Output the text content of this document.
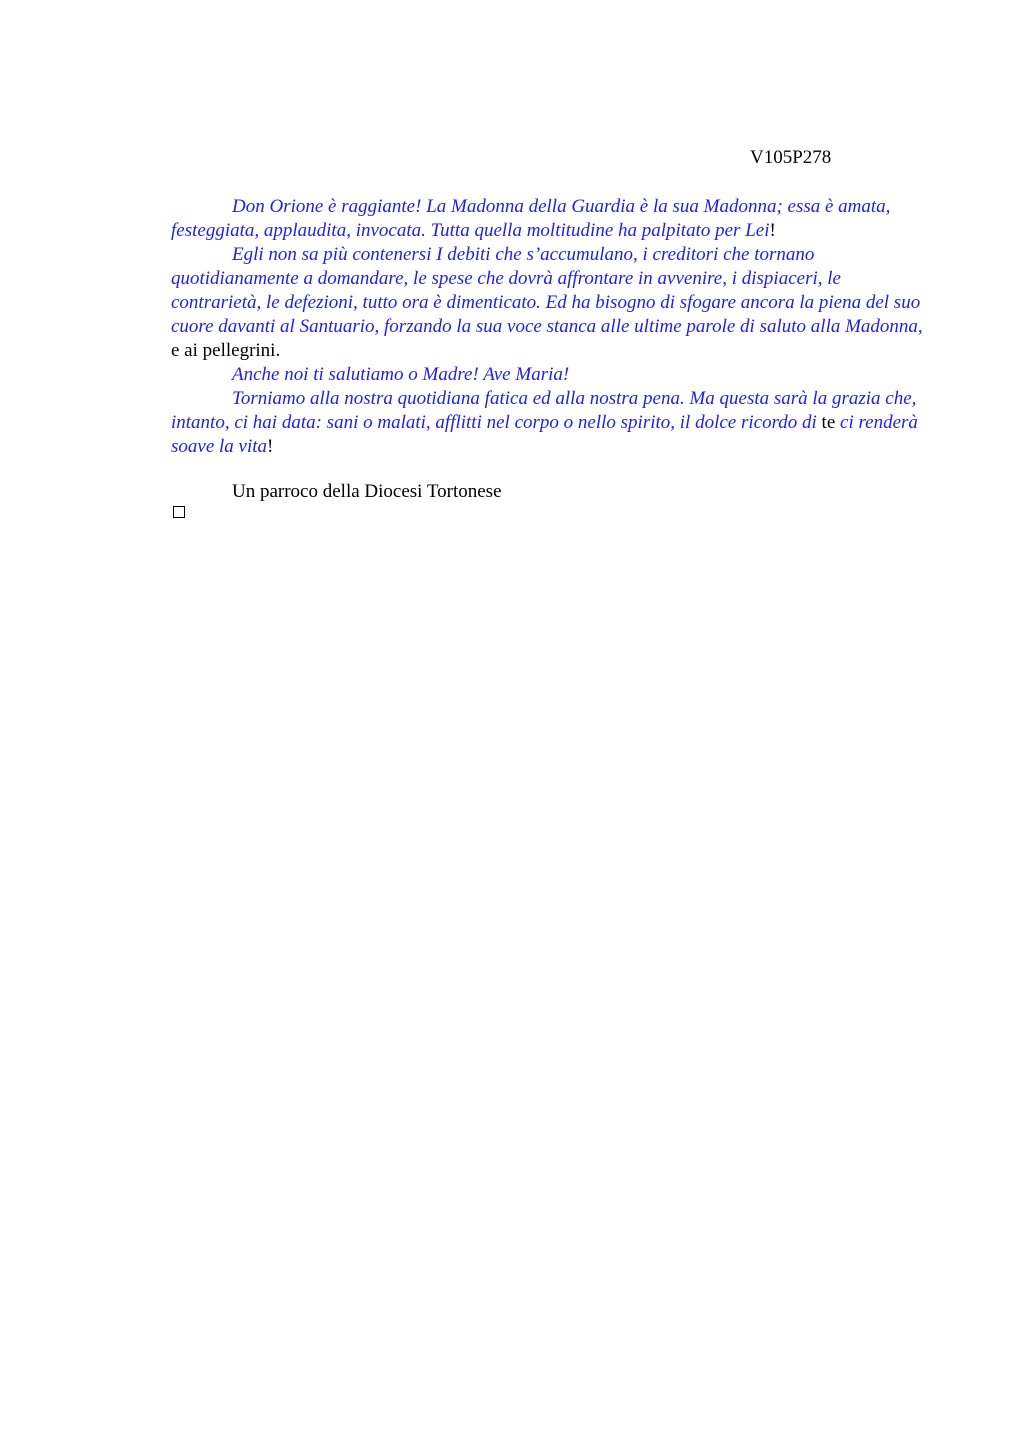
V105P278

Don Orione è raggiante! La Madonna della Guardia è la sua Madonna; essa è amata, festeggiata, applaudita, invocata. Tutta quella moltitudine ha palpitato per Lei!

Egli non sa più contenersi I debiti che s’accumulano, i creditori che tornano quotidianamente a domandare, le spese che dovrà affrontare in avvenire, i dispiaceri, le contrarietà, le defezioni, tutto ora è dimenticato. Ed ha bisogno di sfogare ancora la piena del suo cuore davanti al Santuario, forzando la sua voce stanca alle ultime parole di saluto alla Madonna, e ai pellegrini.

Anche noi ti salutiamo o Madre! Ave Maria!

Torniamo alla nostra quotidiana fatica ed alla nostra pena. Ma questa sarà la grazia che, intanto, ci hai data: sani o malati, afflitti nel corpo o nello spirito, il dolce ricordo di te ci renderà soave la vita!

Un parroco della Diocesi Tortonese
